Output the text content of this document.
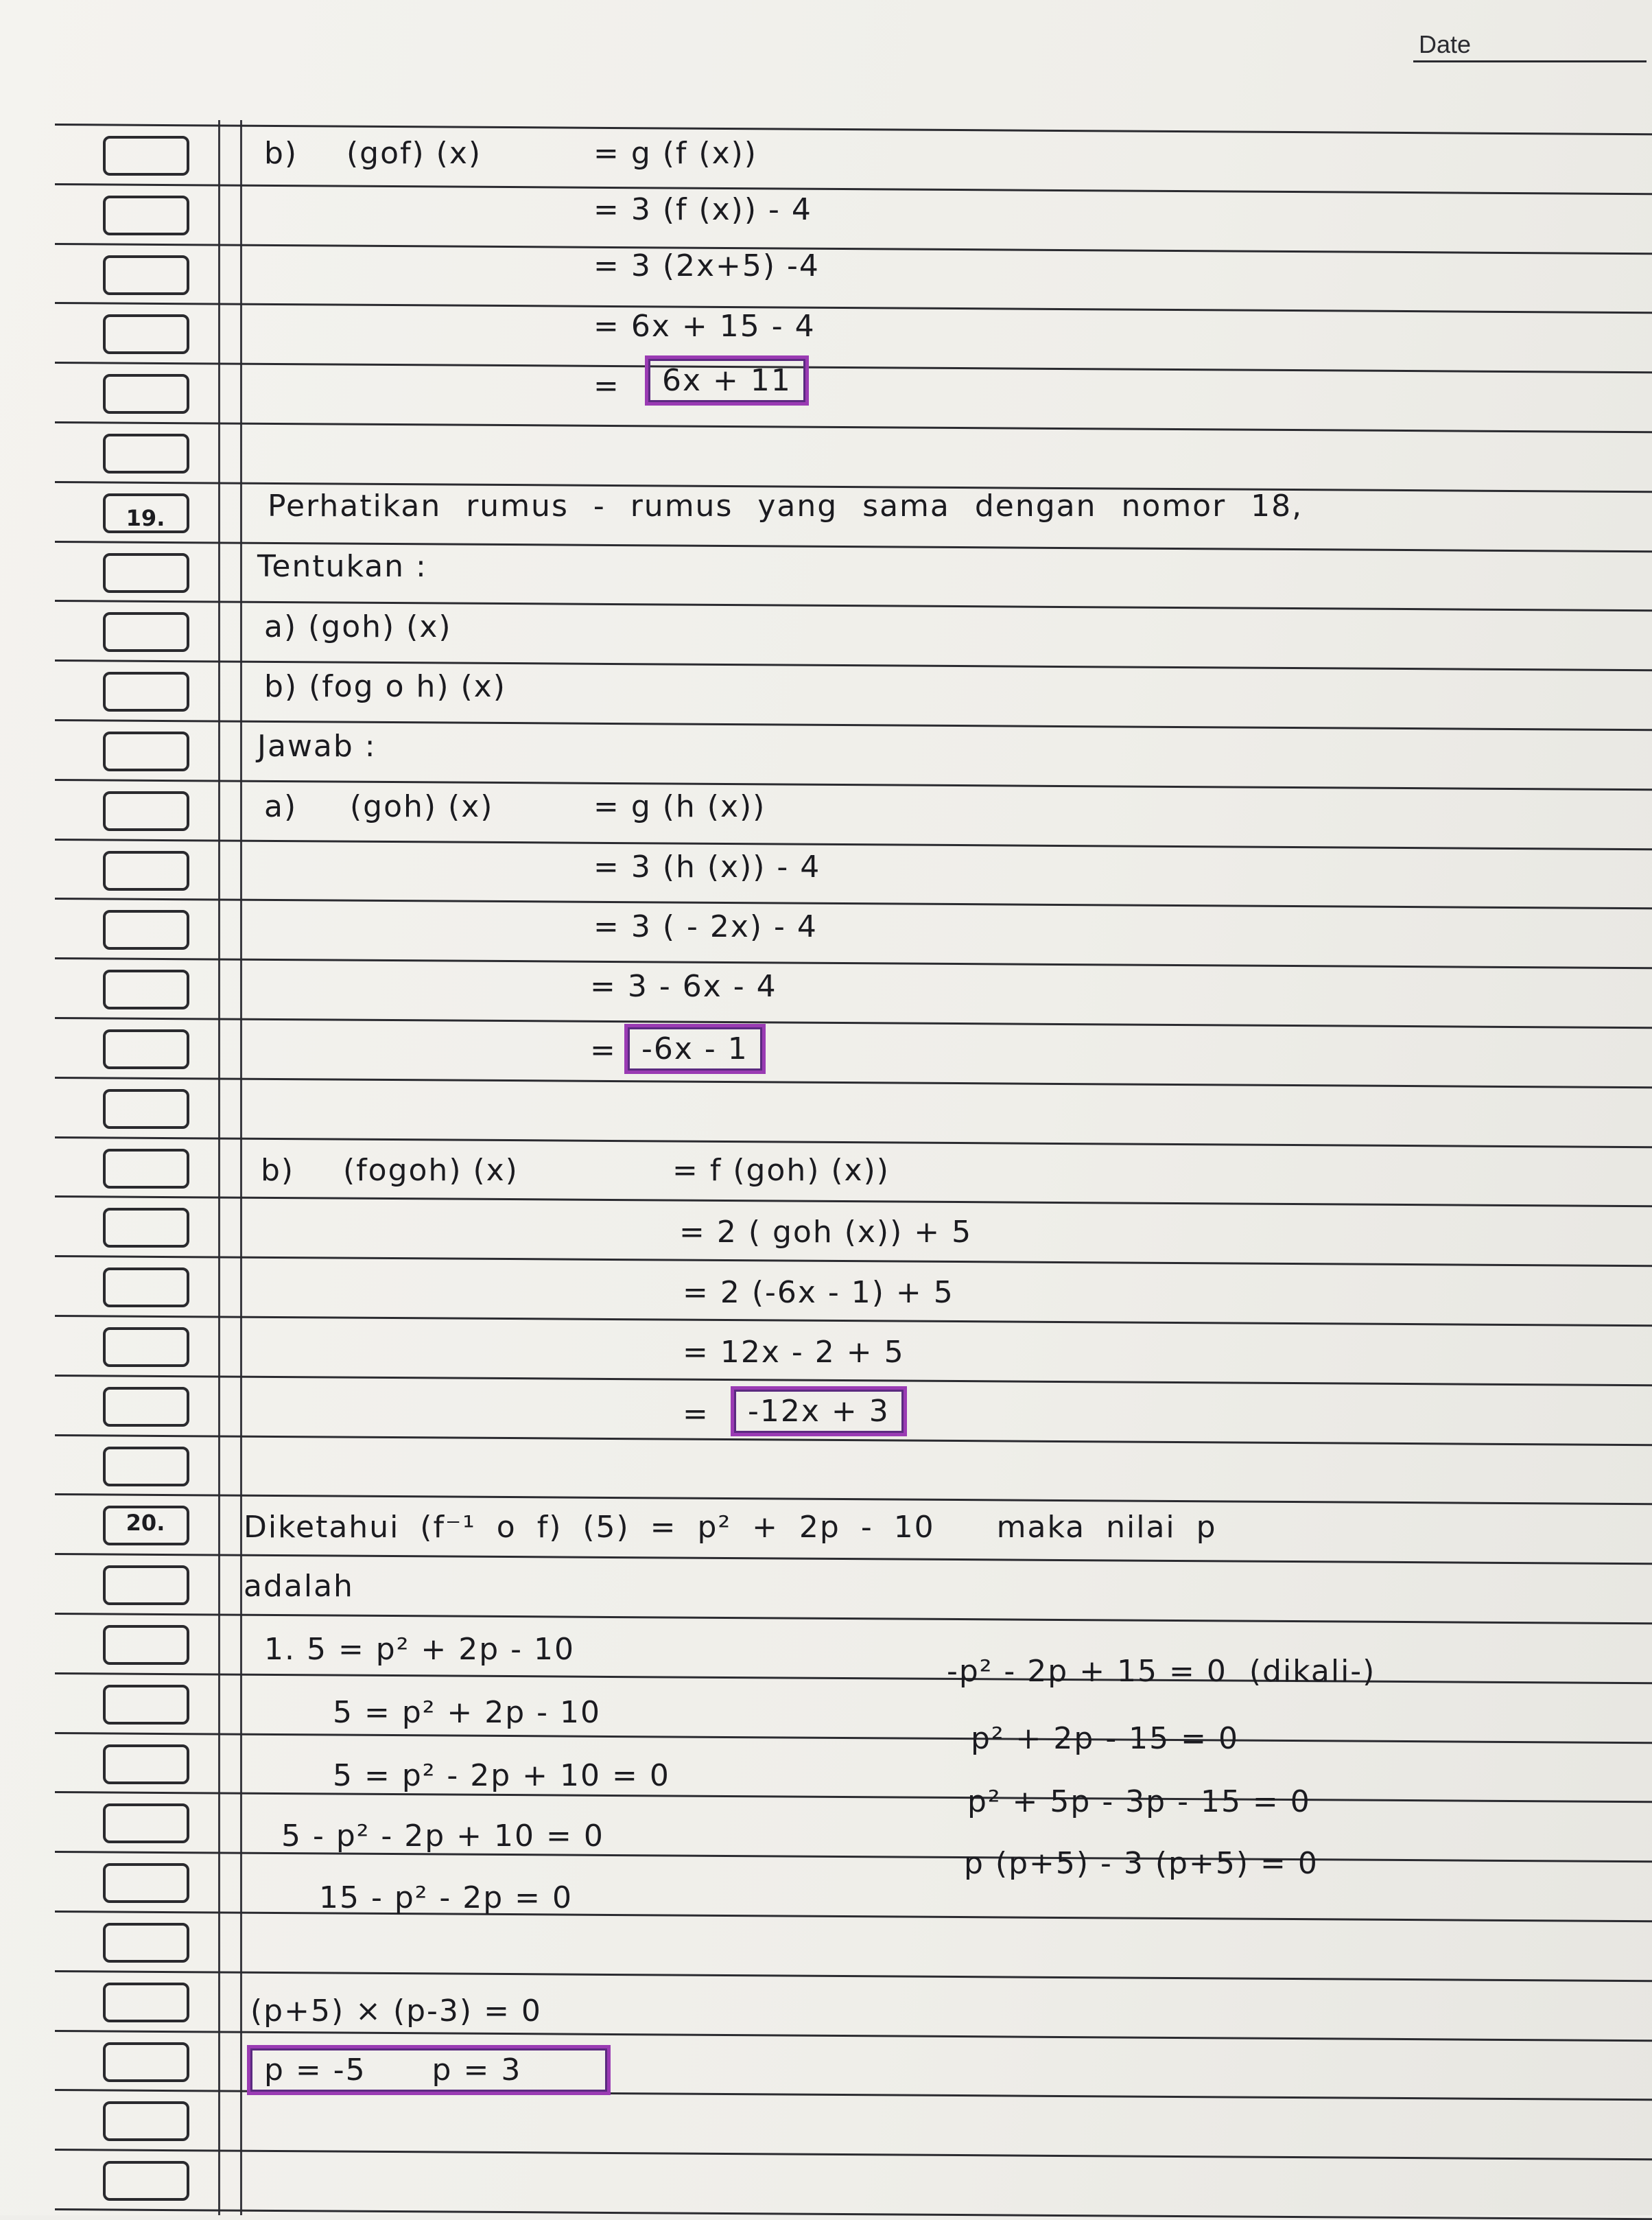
Date
19.
20.
b) (gof) (x)	= g (f (x))
= 3 (f (x)) - 4
= 3 (2x+5) -4
= 6x + 15 - 4
=	6x + 11
Perhatikan rumus - rumus yang sama dengan nomor 18,
Tentukan :
a) (goh) (x)
b) (fog o h) (x)
Jawab :
a) (goh) (x)	= g (h (x))
= 3 (h (x)) - 4
= 3 ( - 2x) - 4
= 3 - 6x - 4
= -6x - 1
b) (fogoh) (x)	= f (goh) (x))
= 2 ( goh (x)) + 5
= 2 (-6x - 1) + 5
= 12x - 2 + 5
=	-12x + 3
Diketahui (f⁻¹ o f) (5) = p² + 2p - 10   maka nilai p
adalah
1. 5 = p² + 2p - 10
5 = p² + 2p - 10
5 = p² - 2p + 10 = 0
5 - p² - 2p + 10 = 0
15 - p² - 2p = 0
-p² - 2p + 15 = 0  (dikali-)
p² + 2p - 15 = 0
p² + 5p - 3p - 15 = 0
p (p+5) - 3 (p+5) = 0
(p+5) × (p-3) = 0
p = -5      p = 3
